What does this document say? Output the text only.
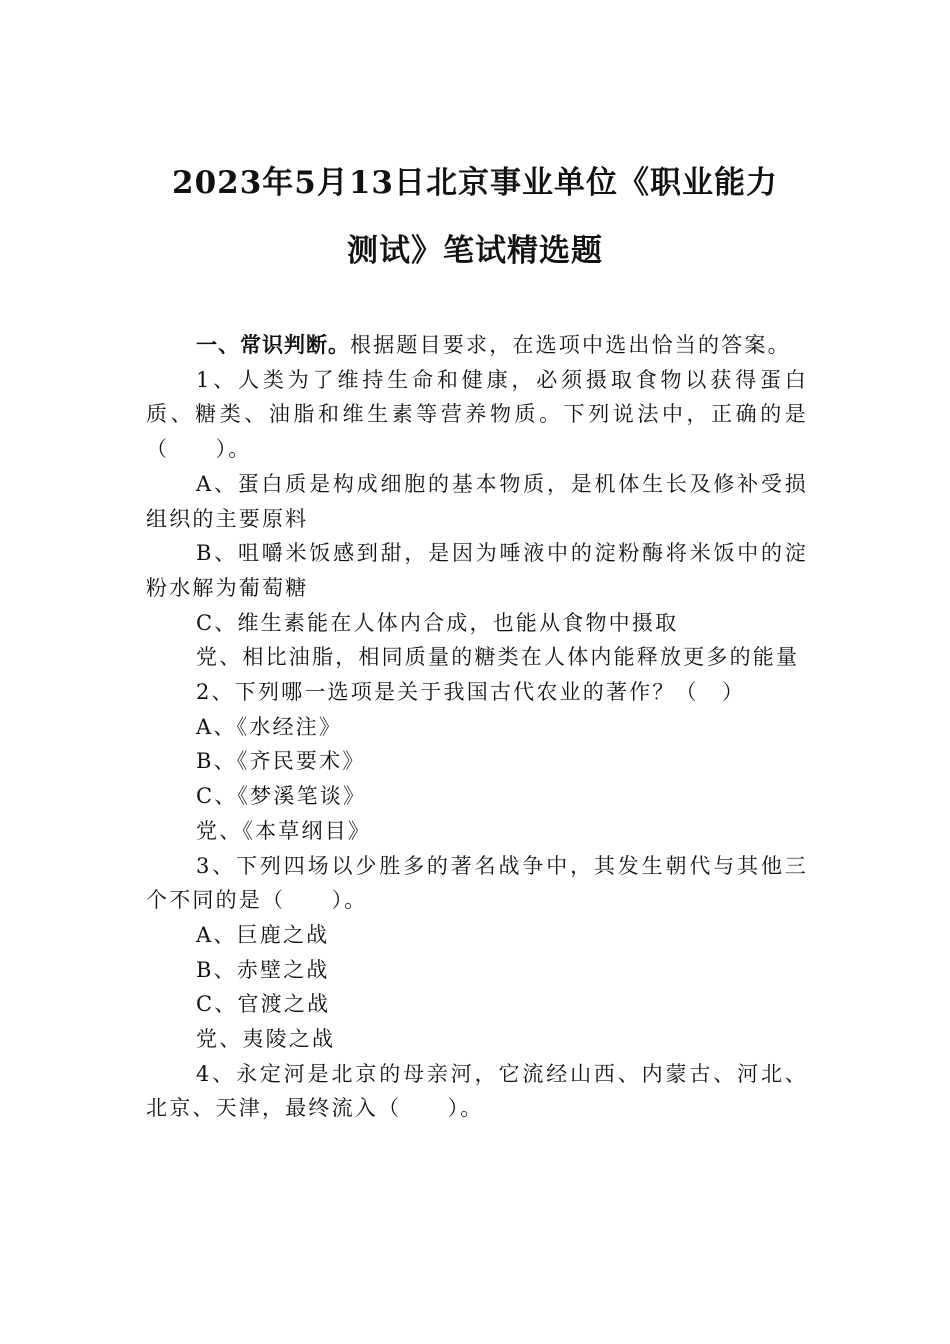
2023年5月13日北京事业单位《职业能力
测试》笔试精选题

一、常识判断。根据题目要求，在选项中选出恰当的答案。

1、人类为了维持生命和健康，必须摄取食物以获得蛋白质、糖类、油脂和维生素等营养物质。下列说法中，正确的是（　　）。

A、蛋白质是构成细胞的基本物质，是机体生长及修补受损组织的主要原料

B、咀嚼米饭感到甜，是因为唾液中的淀粉酶将米饭中的淀粉水解为葡萄糖

C、维生素能在人体内合成，也能从食物中摄取

党、相比油脂，相同质量的糖类在人体内能释放更多的能量

2、下列哪一选项是关于我国古代农业的著作？（　）

A、《水经注》

B、《齐民要术》

C、《梦溪笔谈》

党、《本草纲目》

3、下列四场以少胜多的著名战争中，其发生朝代与其他三个不同的是（　　）。

A、巨鹿之战

B、赤壁之战

C、官渡之战

党、夷陵之战

4、永定河是北京的母亲河，它流经山西、内蒙古、河北、北京、天津，最终流入（　　）。
